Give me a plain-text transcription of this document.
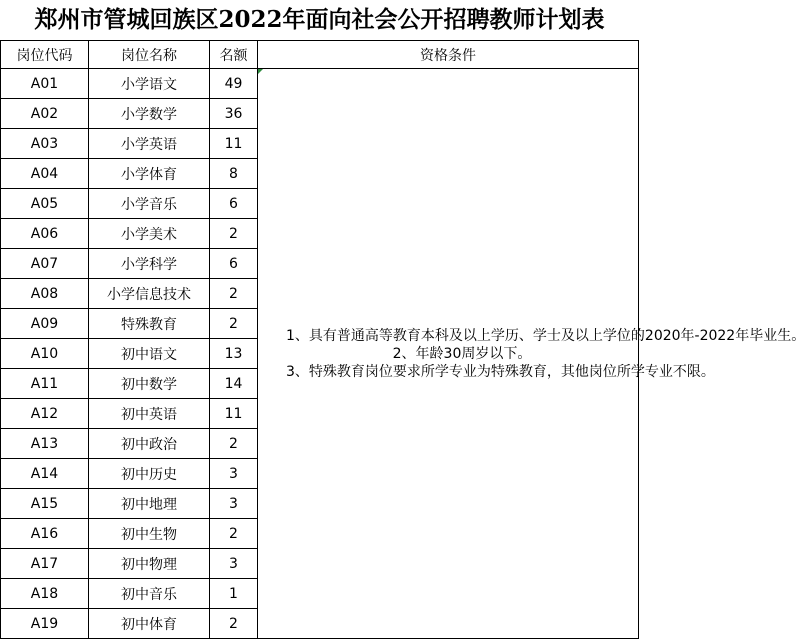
郑州市管城回族区2022年面向社会公开招聘教师计划表
岗位代码	岗位名称	名额	资格条件
A01	小学语文	49	1、具有普通高等教育本科及以上学历、学士及以上学位的2020年-2022年毕业生。

2、年龄30周岁以下。

3、特殊教育岗位要求所学专业为特殊教育，其他岗位所学专业不限。

A02	小学数学	36	
A03	小学英语	11	
A04	小学体育	8	
A05	小学音乐	6	
A06	小学美术	2	
A07	小学科学	6	
A08	小学信息技术	2	
A09	特殊教育	2	
A10	初中语文	13	
A11	初中数学	14	
A12	初中英语	11	
A13	初中政治	2	
A14	初中历史	3	
A15	初中地理	3	
A16	初中生物	2	
A17	初中物理	3	
A18	初中音乐	1	
A19	初中体育	2	
